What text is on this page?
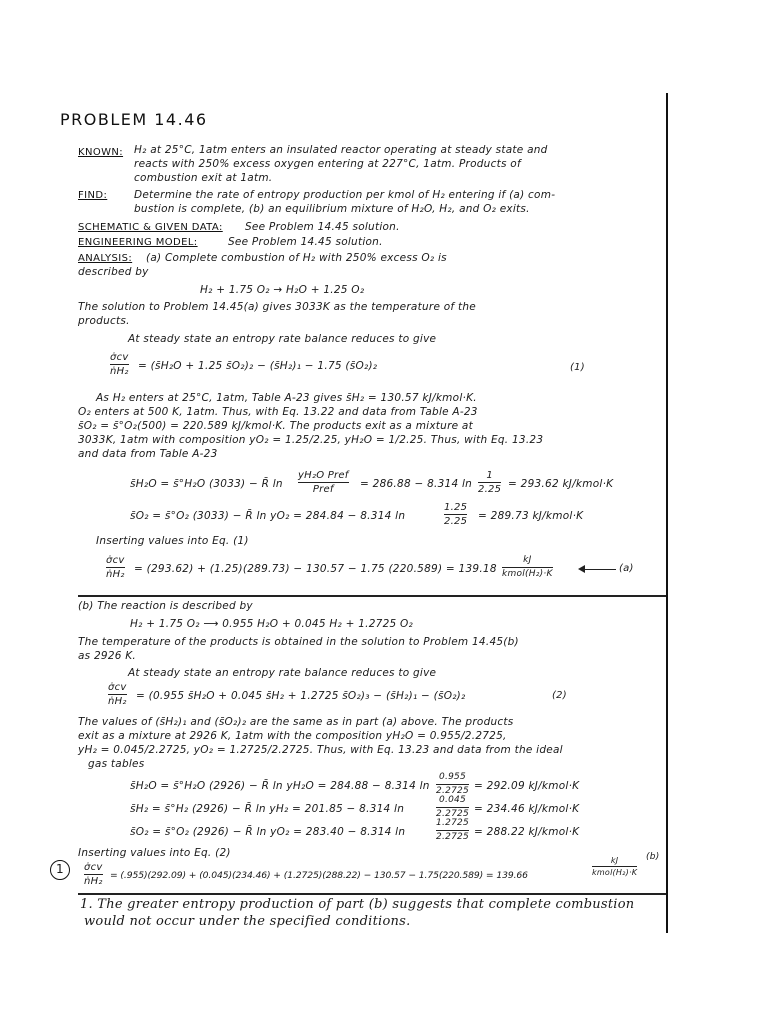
PROBLEM 14.46
KNOWN: H₂ at 25°C, 1atm enters an insulated reactor operating at steady state and
reacts with 250% excess oxygen entering at 227°C, 1atm. Products of
combustion exit at 1atm.
FIND:	Determine the rate of entropy production per kmol of H₂ entering if (a) com-
bustion is complete, (b) an equilibrium mixture of H₂O, H₂, and O₂ exits.
SCHEMATIC & GIVEN DATA: See Problem 14.45 solution.
ENGINEERING MODEL:	See Problem 14.45 solution.
ANALYSIS: (a) Complete combustion of H₂ with 250% excess O₂ is
described by
H₂ + 1.75 O₂ → H₂O + 1.25 O₂
The solution to Problem 14.45(a) gives 3033K as the temperature of the
products.
At steady state an entropy rate balance reduces to give
σ̇cv
ṅH₂ = (s̄H₂O + 1.25 s̄O₂)₂ − (s̄H₂)₁ − 1.75 (s̄O₂)₂	(1)
As H₂ enters at 25°C, 1atm, Table A-23 gives s̄H₂ = 130.57 kJ/kmol·K.
O₂ enters at 500 K, 1atm. Thus, with Eq. 13.22 and data from Table A-23
s̄O₂ = s̄°O₂(500) = 220.589 kJ/kmol·K. The products exit as a mixture at
3033K, 1atm with composition yO₂ = 1.25/2.25, yH₂O = 1/2.25. Thus, with Eq. 13.23
and data from Table A-23
s̄H₂O = s̄°H₂O (3033) − R̄ ln
yH₂O Pref
Pref	= 286.88 − 8.314 ln
1
2.25 = 293.62 kJ/kmol·K
s̄O₂ = s̄°O₂ (3033) − R̄ ln yO₂ = 284.84 − 8.314 ln
1.25
2.25 = 289.73 kJ/kmol·K
Inserting values into Eq. (1)
σ̇cv
ṅH₂ = (293.62) + (1.25)(289.73) − 130.57 − 1.75 (220.589) = 139.18
kJ
kmol(H₂)·K	(a)
(b) The reaction is described by
H₂ + 1.75 O₂ ⟶ 0.955 H₂O + 0.045 H₂ + 1.2725 O₂
The temperature of the products is obtained in the solution to Problem 14.45(b)
as 2926 K.
At steady state an entropy rate balance reduces to give
σ̇cv
ṅH₂ = (0.955 s̄H₂O + 0.045 s̄H₂ + 1.2725 s̄O₂)₃ − (s̄H₂)₁ − (s̄O₂)₂	(2)
The values of (s̄H₂)₁ and (s̄O₂)₂ are the same as in part (a) above. The products
exit as a mixture at 2926 K, 1atm with the composition yH₂O = 0.955/2.2725,
yH₂ = 0.045/2.2725, yO₂ = 1.2725/2.2725. Thus, with Eq. 13.23 and data from the ideal
gas tables
s̄H₂O = s̄°H₂O (2926) − R̄ ln yH₂O = 284.88 − 8.314 ln
0.955
2.2725 = 292.09 kJ/kmol·K
s̄H₂ = s̄°H₂ (2926) − R̄ ln yH₂ = 201.85 − 8.314 ln
0.045
2.2725 = 234.46 kJ/kmol·K
s̄O₂ = s̄°O₂ (2926) − R̄ ln yO₂ = 283.40 − 8.314 ln
1.2725
2.2725 = 288.22 kJ/kmol·K
Inserting values into Eq. (2)
1	σ̇cv
ṅH₂
= (.955)(292.09) + (0.045)(234.46) + (1.2725)(288.22) − 130.57 − 1.75(220.589) = 139.66
kJ
kmol(H₂)·K
(b)
1. The greater entropy production of part (b) suggests that complete combustion
would not occur under the specified conditions.
